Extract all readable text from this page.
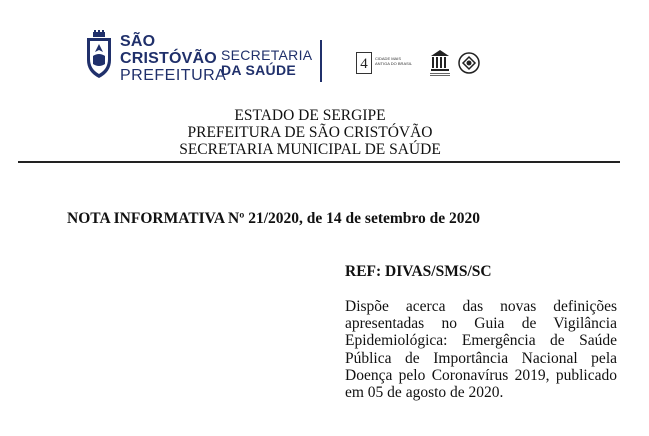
SÃO
CRISTÓVÃO
PREFEITURA
SECRETARIA
DA SAÚDE	4 CIDADE MAIS ANTIGA DO BRASIL
ESTADO DE SERGIPE
PREFEITURA DE SÃO CRISTÓVÃO
SECRETARIA MUNICIPAL DE SAÚDE
NOTA INFORMATIVA Nº 21/2020, de 14 de setembro de 2020
REF: DIVAS/SMS/SC
Dispõe acerca das novas definições apresentadas no Guia de Vigilância Epidemiológica: Emergência de Saúde Pública de Importância Nacional pela Doença pelo Coronavírus 2019, publicado em 05 de agosto de 2020.
